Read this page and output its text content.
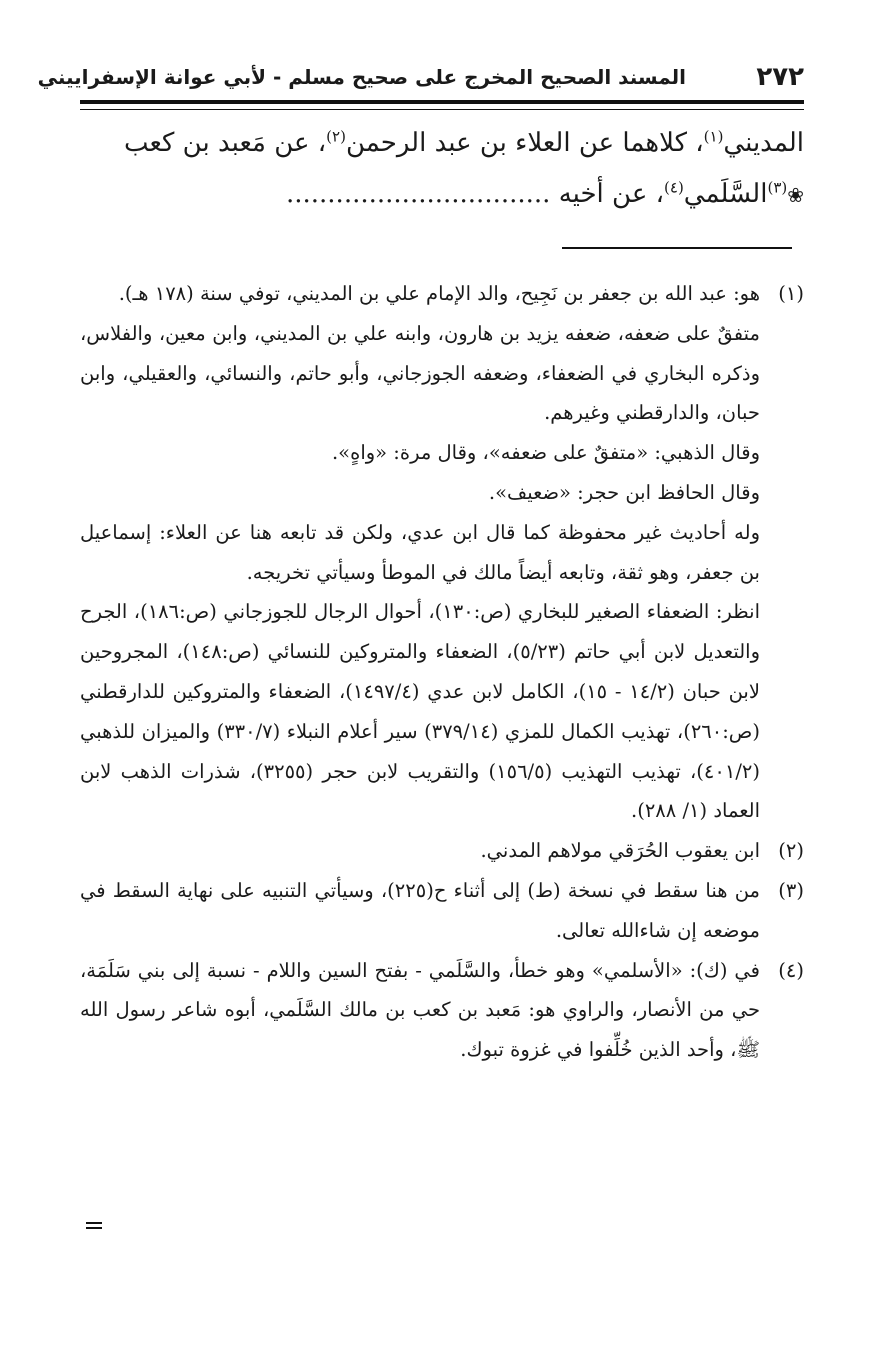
٢٧٢
المسند الصحيح المخرج على صحيح مسلم - لأبي عوانة الإسفراييني

المديني$^{(١)}$، كلاهما عن العلاء بن عبد الرحمن$^{(٢)}$، عن مَعبد بن كعب

❀$^{(٣)}$السَّلَمي$^{(٤)}$، عن أخيه ................................

(١)

هو: عبد الله بن جعفر بن نَجِيح، والد الإمام علي بن المديني، توفي سنة (١٧٨ هـ).

متفقٌ على ضعفه، ضعفه يزيد بن هارون، وابنه علي بن المديني، وابن معين، والفلاس، وذكره البخاري في الضعفاء، وضعفه الجوزجاني، وأبو حاتم، والنسائي، والعقيلي، وابن حبان، والدارقطني وغيرهم.

وقال الذهبي: «متفقٌ على ضعفه»، وقال مرة: «واهٍ».

وقال الحافظ ابن حجر: «ضعيف».

وله أحاديث غير محفوظة كما قال ابن عدي، ولكن قد تابعه هنا عن العلاء: إسماعيل بن جعفر، وهو ثقة، وتابعه أيضاً مالك في الموطأ وسيأتي تخريجه.

انظر: الضعفاء الصغير للبخاري (ص:١٣٠)، أحوال الرجال للجوزجاني (ص:١٨٦)، الجرح والتعديل لابن أبي حاتم (٥/٢٣)، الضعفاء والمتروكين للنسائي (ص:١٤٨)، المجروحين لابن حبان (١٤/٢ - ١٥)، الكامل لابن عدي (١٤٩٧/٤)، الضعفاء والمتروكين للدارقطني (ص:٢٦٠)، تهذيب الكمال للمزي (٣٧٩/١٤) سير أعلام النبلاء (٣٣٠/٧) والميزان للذهبي (٤٠١/٢)، تهذيب التهذيب (١٥٦/٥) والتقريب لابن حجر (٣٢٥٥)، شذرات الذهب لابن العماد (١/ ٢٨٨).

(٢)

ابن يعقوب الحُرَقي مولاهم المدني.

(٣)

من هنا سقط في نسخة (ط) إلى أثناء ح(٢٢٥)، وسيأتي التنبيه على نهاية السقط في موضعه إن شاءالله تعالى.

(٤)

في (ك): «الأسلمي» وهو خطأ، والسَّلَمي - بفتح السين واللام - نسبة إلى بني سَلَمَة، حي من الأنصار، والراوي هو: مَعبد بن كعب بن مالك السَّلَمي، أبوه شاعر رسول الله ﷺ، وأحد الذين خُلِّفوا في غزوة تبوك.
